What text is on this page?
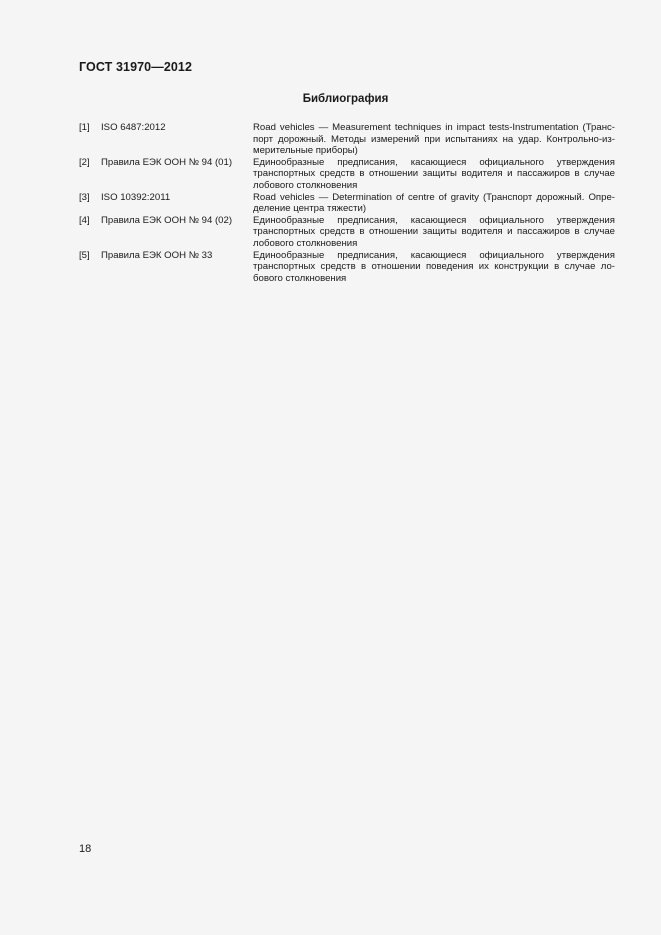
ГОСТ 31970—2012
Библиография
[1]	ISO 6487:2012	Road vehicles — Measurement techniques in impact tests-Instrumentation (Транс-
порт дорожный. Методы измерений при испытаниях на удар. Контрольно-из-
мерительные приборы)
[2]	Правила ЕЭК ООН № 94 (01)	Единообразные предписания, касающиеся официального утверждения
транспортных средств в отношении защиты водителя и пассажиров в случае
лобового столкновения
[3]	ISO 10392:2011	Road vehicles — Determination of centre of gravity (Транспорт дорожный. Опре-
деление центра тяжести)
[4]	Правила ЕЭК ООН № 94 (02)	Единообразные предписания, касающиеся официального утверждения
транспортных средств в отношении защиты водителя и пассажиров в случае
лобового столкновения
[5]	Правила ЕЭК ООН № 33	Единообразные предписания, касающиеся официального утверждения
транспортных средств в отношении поведения их конструкции в случае ло-
бового столкновения
18
